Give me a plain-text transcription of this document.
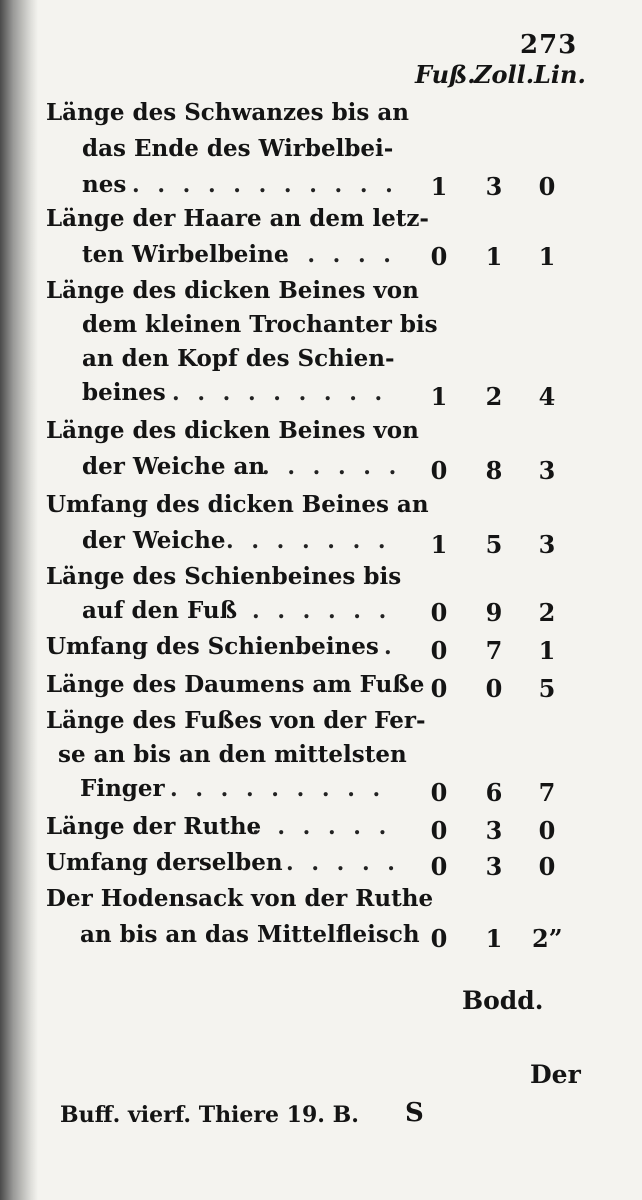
273
Fuß.
Zoll. Lin.
Länge des Schwanzes bis an
das Ende des Wirbelbei-
nes . . . . . . . . . . . 1 3 0
Länge der Haare an dem letz-
ten Wirbelbeine
. . . . . 0 1 1
Länge des dicken Beines von
dem kleinen Trochanter bis
an den Kopf des Schien-
beines . . . . . . . . . 1 2 4
Länge des dicken Beines von
der Weiche an
. . . . . . 0 8 3
Umfang des dicken Beines an
der Weiche . . . . . . . 1 5 3
Länge des Schienbeines bis
auf den Fuß . . . . . . 0 9 2
Umfang des Schienbeines . 0 7 1
Länge des Daumens am Fuße 0 0 5
Länge des Fußes von der Fer-
se an bis an den mittelsten
Finger . . . . . . . . . 0 6 7
Länge der Ruthe
. . . . . . 0 3 0
Umfang derselben . . . . . 0 3 0
Der Hodensack von der Ruthe
an bis an das Mittelfleisch 0 1 2”
Bodd.
Der
Buff. vierf. Thiere 19. B. S
